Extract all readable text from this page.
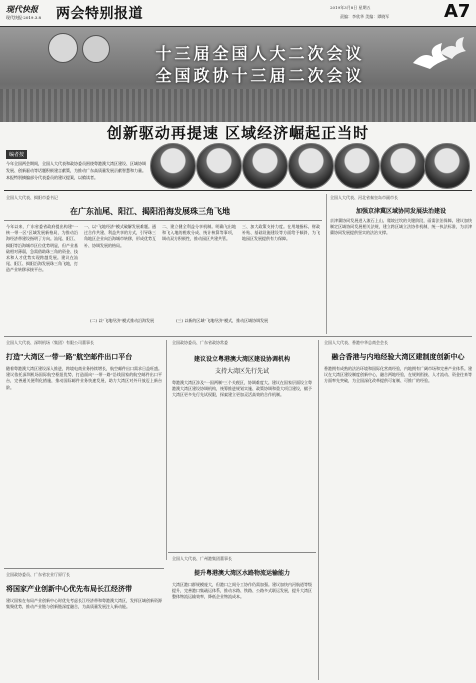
现代快报
现代快报·2019.3.8 两会特别报道	2019年3月8日 星期五
责编：李欣华 美编：谭晓军	A7
十三届全国人大二次会议
全国政协十三届二次会议
创新驱动再提速 区域经济崛起正当时
编者按
今年全国两会期间，全国人大代表和政协委员围绕粤港澳大湾区建设、区域协调发展、创新驱动等话题积极建言献策，为推动广东高质量发展贡献智慧和力量。本报特别摘编部分代表委员的建议提案，以飨读者。
全国人大代表、揭阳市委书记
在广东汕尾、阳江、揭阳沿海发展珠三角飞地
今年以来，广东省委省政府提出构建"一核一带一区"区域发展新格局，为推动沿海经济带建设指明了方向。汕尾、阳江、揭阳等沿海城市区位优势明显，但产业基础相对薄弱，急需借助珠三角的资金、技术和人才优势实现跨越发展。建议在汕尾、阳江、揭阳沿海发展珠三角飞地，打造产业转移承接平台。
一、以"飞地经济"模式破解发展难题。通过合作共建、利益共享的方式，引导珠三角地区企业向沿海城市转移，形成优势互补、协调发展的格局。
二、建立健全利益分享机制。明确飞出地和飞入地的税收分成、统计核算等事项，调动双方积极性，推动园区共建共管。
三、加大政策支持力度。在用地指标、财政补贴、基础设施建设等方面给予倾斜，为飞地园区发展提供有力保障。
(二) 以"飞地经济"模式推动沿海发展	(三) 以新的区域"飞地经济"模式，推动区域协调发展
全国人大代表、河北省秦皇岛市副市长
加强京津冀区域协同发展法治建设
京津冀协同发展进入滚石上山、爬坡过坎的关键阶段，亟需法治保障。建议加快制定区域协同发展相关法规，建立跨区域立法协作机制，统一执法标准，为京津冀协同发展提供坚实的法治支撑。
全国人大代表、深圳机场（集团）有限公司董事长
打造"大湾区一带一路"航空邮件出口平台
随着粤港澳大湾区建设深入推进，跨境电商业务持续增长，航空邮件出口需求日益旺盛。建议依托深圳机场国际航空枢纽优势，打造面向"一带一路"沿线国家的航空邮件出口平台，完善通关便利化措施，推动国际邮件业务快速发展，助力大湾区对外开放迈上新台阶。
全国政协委员、广东省政协常委
建议设立粤港澳大湾区建设协调机构
支持大湾区先行先试
粤港澳大湾区涉及"一国两制"三个关税区，协调难度大。建议在国家层面设立粤港澳大湾区建设协调机构，统筹推进规划实施、政策协调和重大项目建设，赋予大湾区更多先行先试权限，探索建立更加灵活高效的合作机制。
全国人大代表、香港中华总商会会长
融合香港与内地经验大湾区建制度创新中心
香港拥有成熟的法治环境和国际化营商经验，内地拥有广阔市场和完善产业体系。建议在大湾区建设制度创新中心，融合两地经验，在规则衔接、人才流动、资金往来等方面率先突破，为全国深化改革提供可复制、可推广的经验。
全国政协委员、广东省农业厅原厅长
将国家产业创新中心优先布局长江经济带
建议国家在布局产业创新中心时优先考虑长江经济带和粤港澳大湾区，发挥区域创新资源集聚优势，推动产业链与创新链深度融合，为高质量发展注入新动能。
全国人大代表、广州港集团董事长
提升粤港澳大湾区水路物流运输能力
大湾区港口群规模庞大，但港口之间分工协作仍需加强。建议加快内河航道等级提升，完善港口集疏运体系，推动水路、铁路、公路多式联运发展，提升大湾区整体物流运输效率，降低企业物流成本。
